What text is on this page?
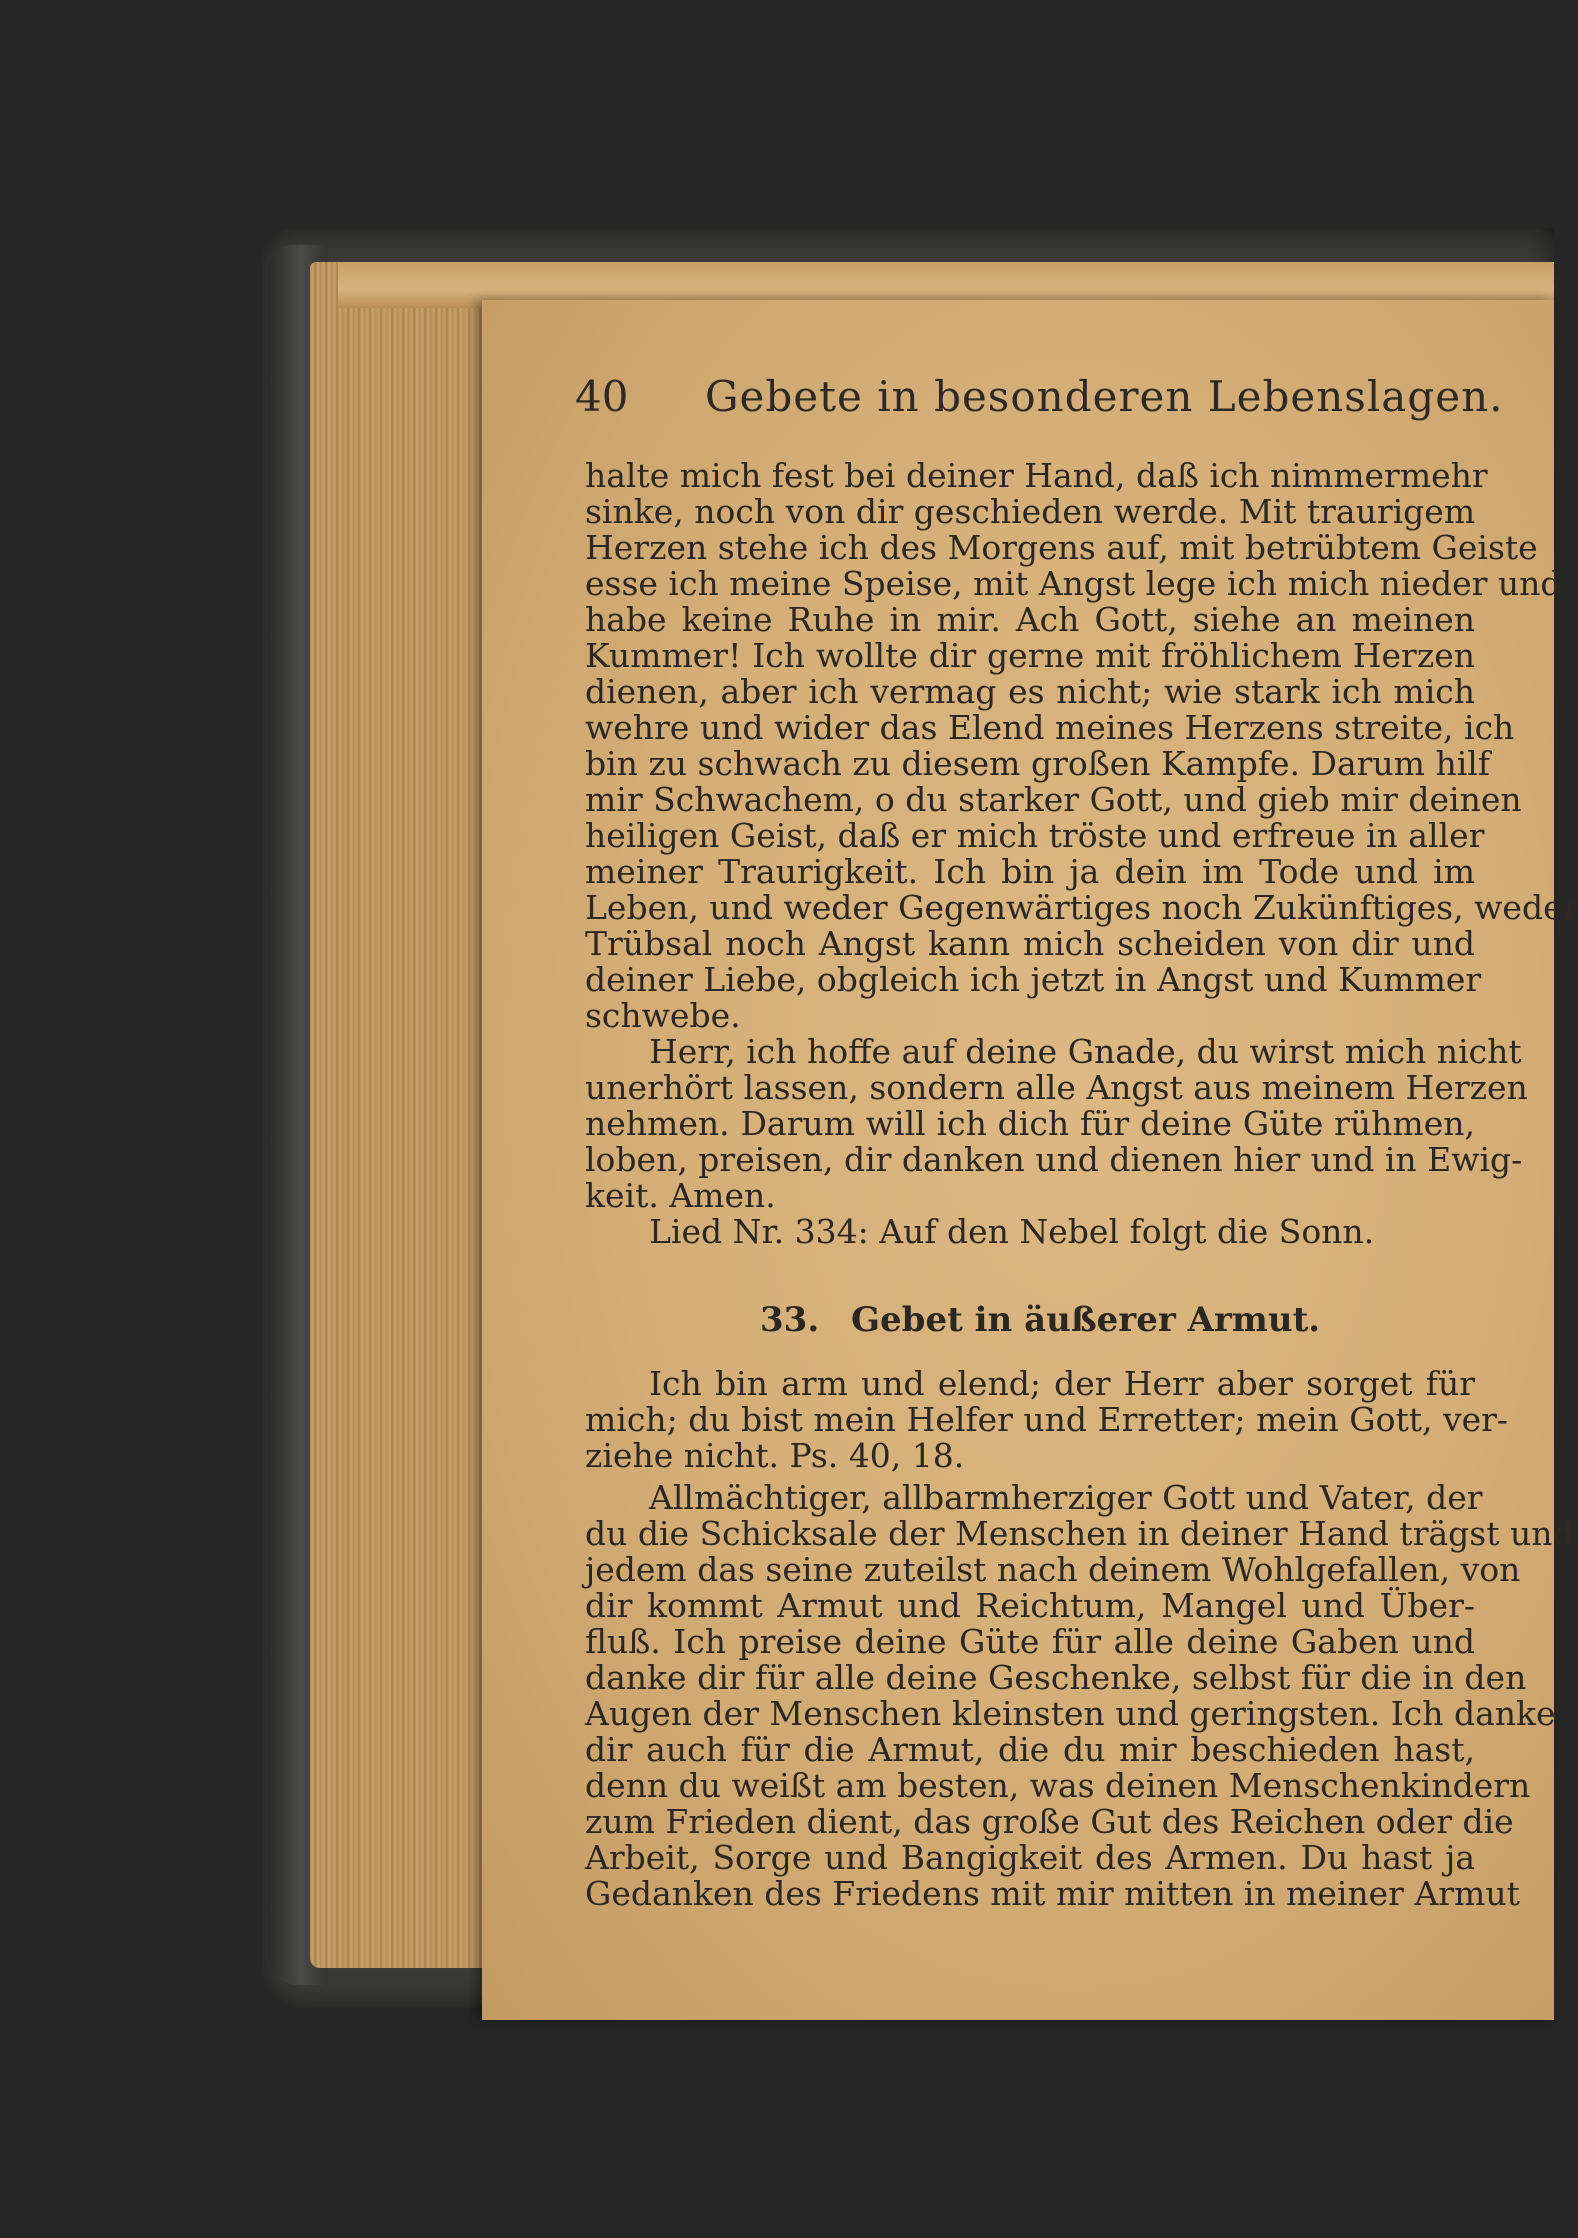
40 Gebete in besonderen Lebenslagen.
halte mich fest bei deiner Hand, daß ich nimmermehr
sinke, noch von dir geschieden werde. Mit traurigem
Herzen stehe ich des Morgens auf, mit betrübtem Geiste
esse ich meine Speise, mit Angst lege ich mich nieder und
habe keine Ruhe in mir. Ach Gott, siehe an meinen
Kummer! Ich wollte dir gerne mit fröhlichem Herzen
dienen, aber ich vermag es nicht; wie stark ich mich
wehre und wider das Elend meines Herzens streite, ich
bin zu schwach zu diesem großen Kampfe. Darum hilf
mir Schwachem, o du starker Gott, und gieb mir deinen
heiligen Geist, daß er mich tröste und erfreue in aller
meiner Traurigkeit. Ich bin ja dein im Tode und im
Leben, und weder Gegenwärtiges noch Zukünftiges, weder
Trübsal noch Angst kann mich scheiden von dir und
deiner Liebe, obgleich ich jetzt in Angst und Kummer
schwebe.
Herr, ich hoffe auf deine Gnade, du wirst mich nicht
unerhört lassen, sondern alle Angst aus meinem Herzen
nehmen. Darum will ich dich für deine Güte rühmen,
loben, preisen, dir danken und dienen hier und in Ewig-
keit. Amen.
Lied Nr. 334: Auf den Nebel folgt die Sonn.
33. Gebet in äußerer Armut.
Ich bin arm und elend; der Herr aber sorget für
mich; du bist mein Helfer und Erretter; mein Gott, ver-
ziehe nicht. Ps. 40, 18.
Allmächtiger, allbarmherziger Gott und Vater, der
du die Schicksale der Menschen in deiner Hand trägst und
jedem das seine zuteilst nach deinem Wohlgefallen, von
dir kommt Armut und Reichtum, Mangel und Über-
fluß. Ich preise deine Güte für alle deine Gaben und
danke dir für alle deine Geschenke, selbst für die in den
Augen der Menschen kleinsten und geringsten. Ich danke
dir auch für die Armut, die du mir beschieden hast,
denn du weißt am besten, was deinen Menschenkindern
zum Frieden dient, das große Gut des Reichen oder die
Arbeit, Sorge und Bangigkeit des Armen. Du hast ja
Gedanken des Friedens mit mir mitten in meiner Armut
